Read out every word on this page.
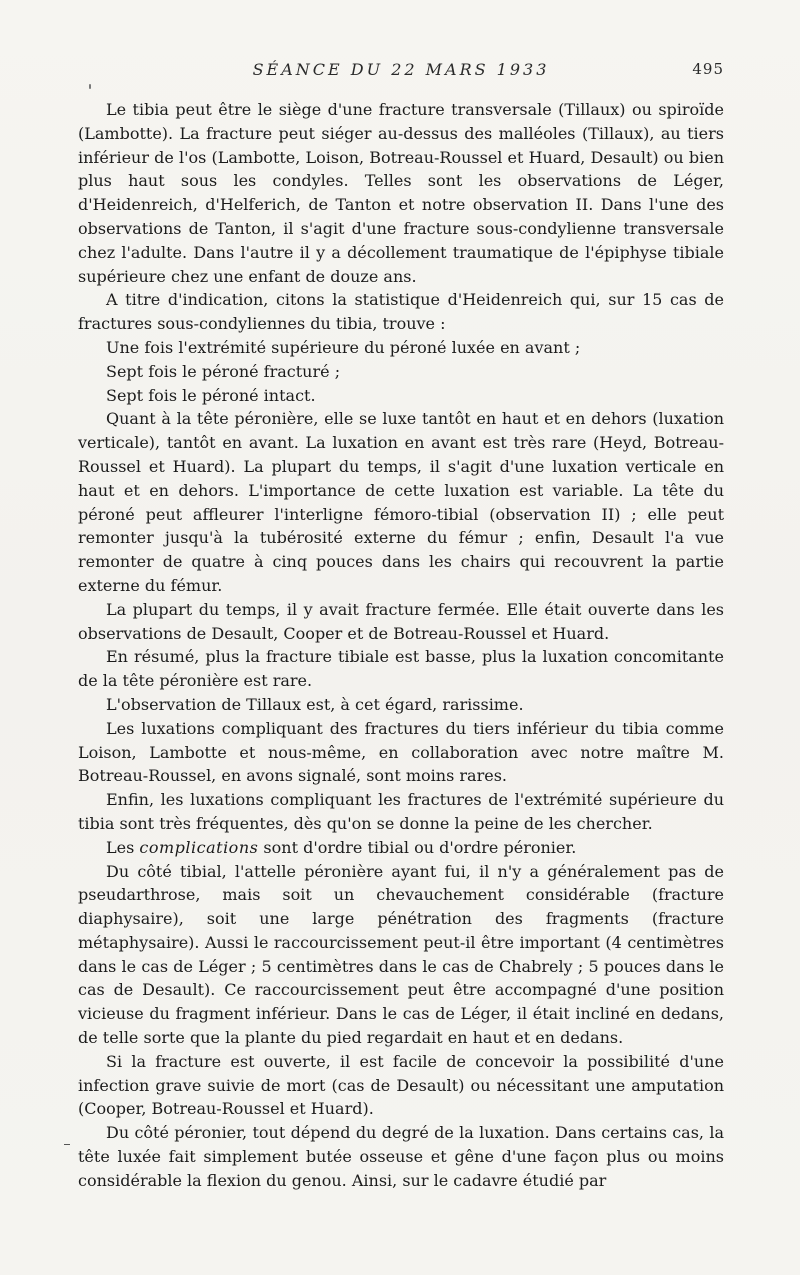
SÉANCE DU 22 MARS 1933	495

Le tibia peut être le siège d'une fracture transversale (Tillaux) ou spiroïde (Lambotte). La fracture peut siéger au-dessus des malléoles (Tillaux), au tiers inférieur de l'os (Lambotte, Loison, Botreau-Roussel et Huard, Desault) ou bien plus haut sous les condyles. Telles sont les observations de Léger, d'Heidenreich, d'Helferich, de Tanton et notre observation II. Dans l'une des observations de Tanton, il s'agit d'une fracture sous-condylienne transversale chez l'adulte. Dans l'autre il y a décollement traumatique de l'épiphyse tibiale supérieure chez une enfant de douze ans.

A titre d'indication, citons la statistique d'Heidenreich qui, sur 15 cas de fractures sous-condyliennes du tibia, trouve :

Une fois l'extrémité supérieure du péroné luxée en avant ;

Sept fois le péroné fracturé ;

Sept fois le péroné intact.

Quant à la tête péronière, elle se luxe tantôt en haut et en dehors (luxation verticale), tantôt en avant. La luxation en avant est très rare (Heyd, Botreau-Roussel et Huard). La plupart du temps, il s'agit d'une luxation verticale en haut et en dehors. L'importance de cette luxation est variable. La tête du péroné peut affleurer l'interligne fémoro-tibial (observation II) ; elle peut remonter jusqu'à la tubérosité externe du fémur ; enfin, Desault l'a vue remonter de quatre à cinq pouces dans les chairs qui recouvrent la partie externe du fémur.

La plupart du temps, il y avait fracture fermée. Elle était ouverte dans les observations de Desault, Cooper et de Botreau-Roussel et Huard.

En résumé, plus la fracture tibiale est basse, plus la luxation concomitante de la tête péronière est rare.

L'observation de Tillaux est, à cet égard, rarissime.

Les luxations compliquant des fractures du tiers inférieur du tibia comme Loison, Lambotte et nous-même, en collaboration avec notre maître M. Botreau-Roussel, en avons signalé, sont moins rares.

Enfin, les luxations compliquant les fractures de l'extrémité supérieure du tibia sont très fréquentes, dès qu'on se donne la peine de les chercher.

Les complications sont d'ordre tibial ou d'ordre péronier.

Du côté tibial, l'attelle péronière ayant fui, il n'y a généralement pas de pseudarthrose, mais soit un chevauchement considérable (fracture diaphysaire), soit une large pénétration des fragments (fracture métaphysaire). Aussi le raccourcissement peut-il être important (4 centimètres dans le cas de Léger ; 5 centimètres dans le cas de Chabrely ; 5 pouces dans le cas de Desault). Ce raccourcissement peut être accompagné d'une position vicieuse du fragment inférieur. Dans le cas de Léger, il était incliné en dedans, de telle sorte que la plante du pied regardait en haut et en dedans.

Si la fracture est ouverte, il est facile de concevoir la possibilité d'une infection grave suivie de mort (cas de Desault) ou nécessitant une amputation (Cooper, Botreau-Roussel et Huard).

Du côté péronier, tout dépend du degré de la luxation. Dans certains cas, la tête luxée fait simplement butée osseuse et gêne d'une façon plus ou moins considérable la flexion du genou. Ainsi, sur le cadavre étudié par
